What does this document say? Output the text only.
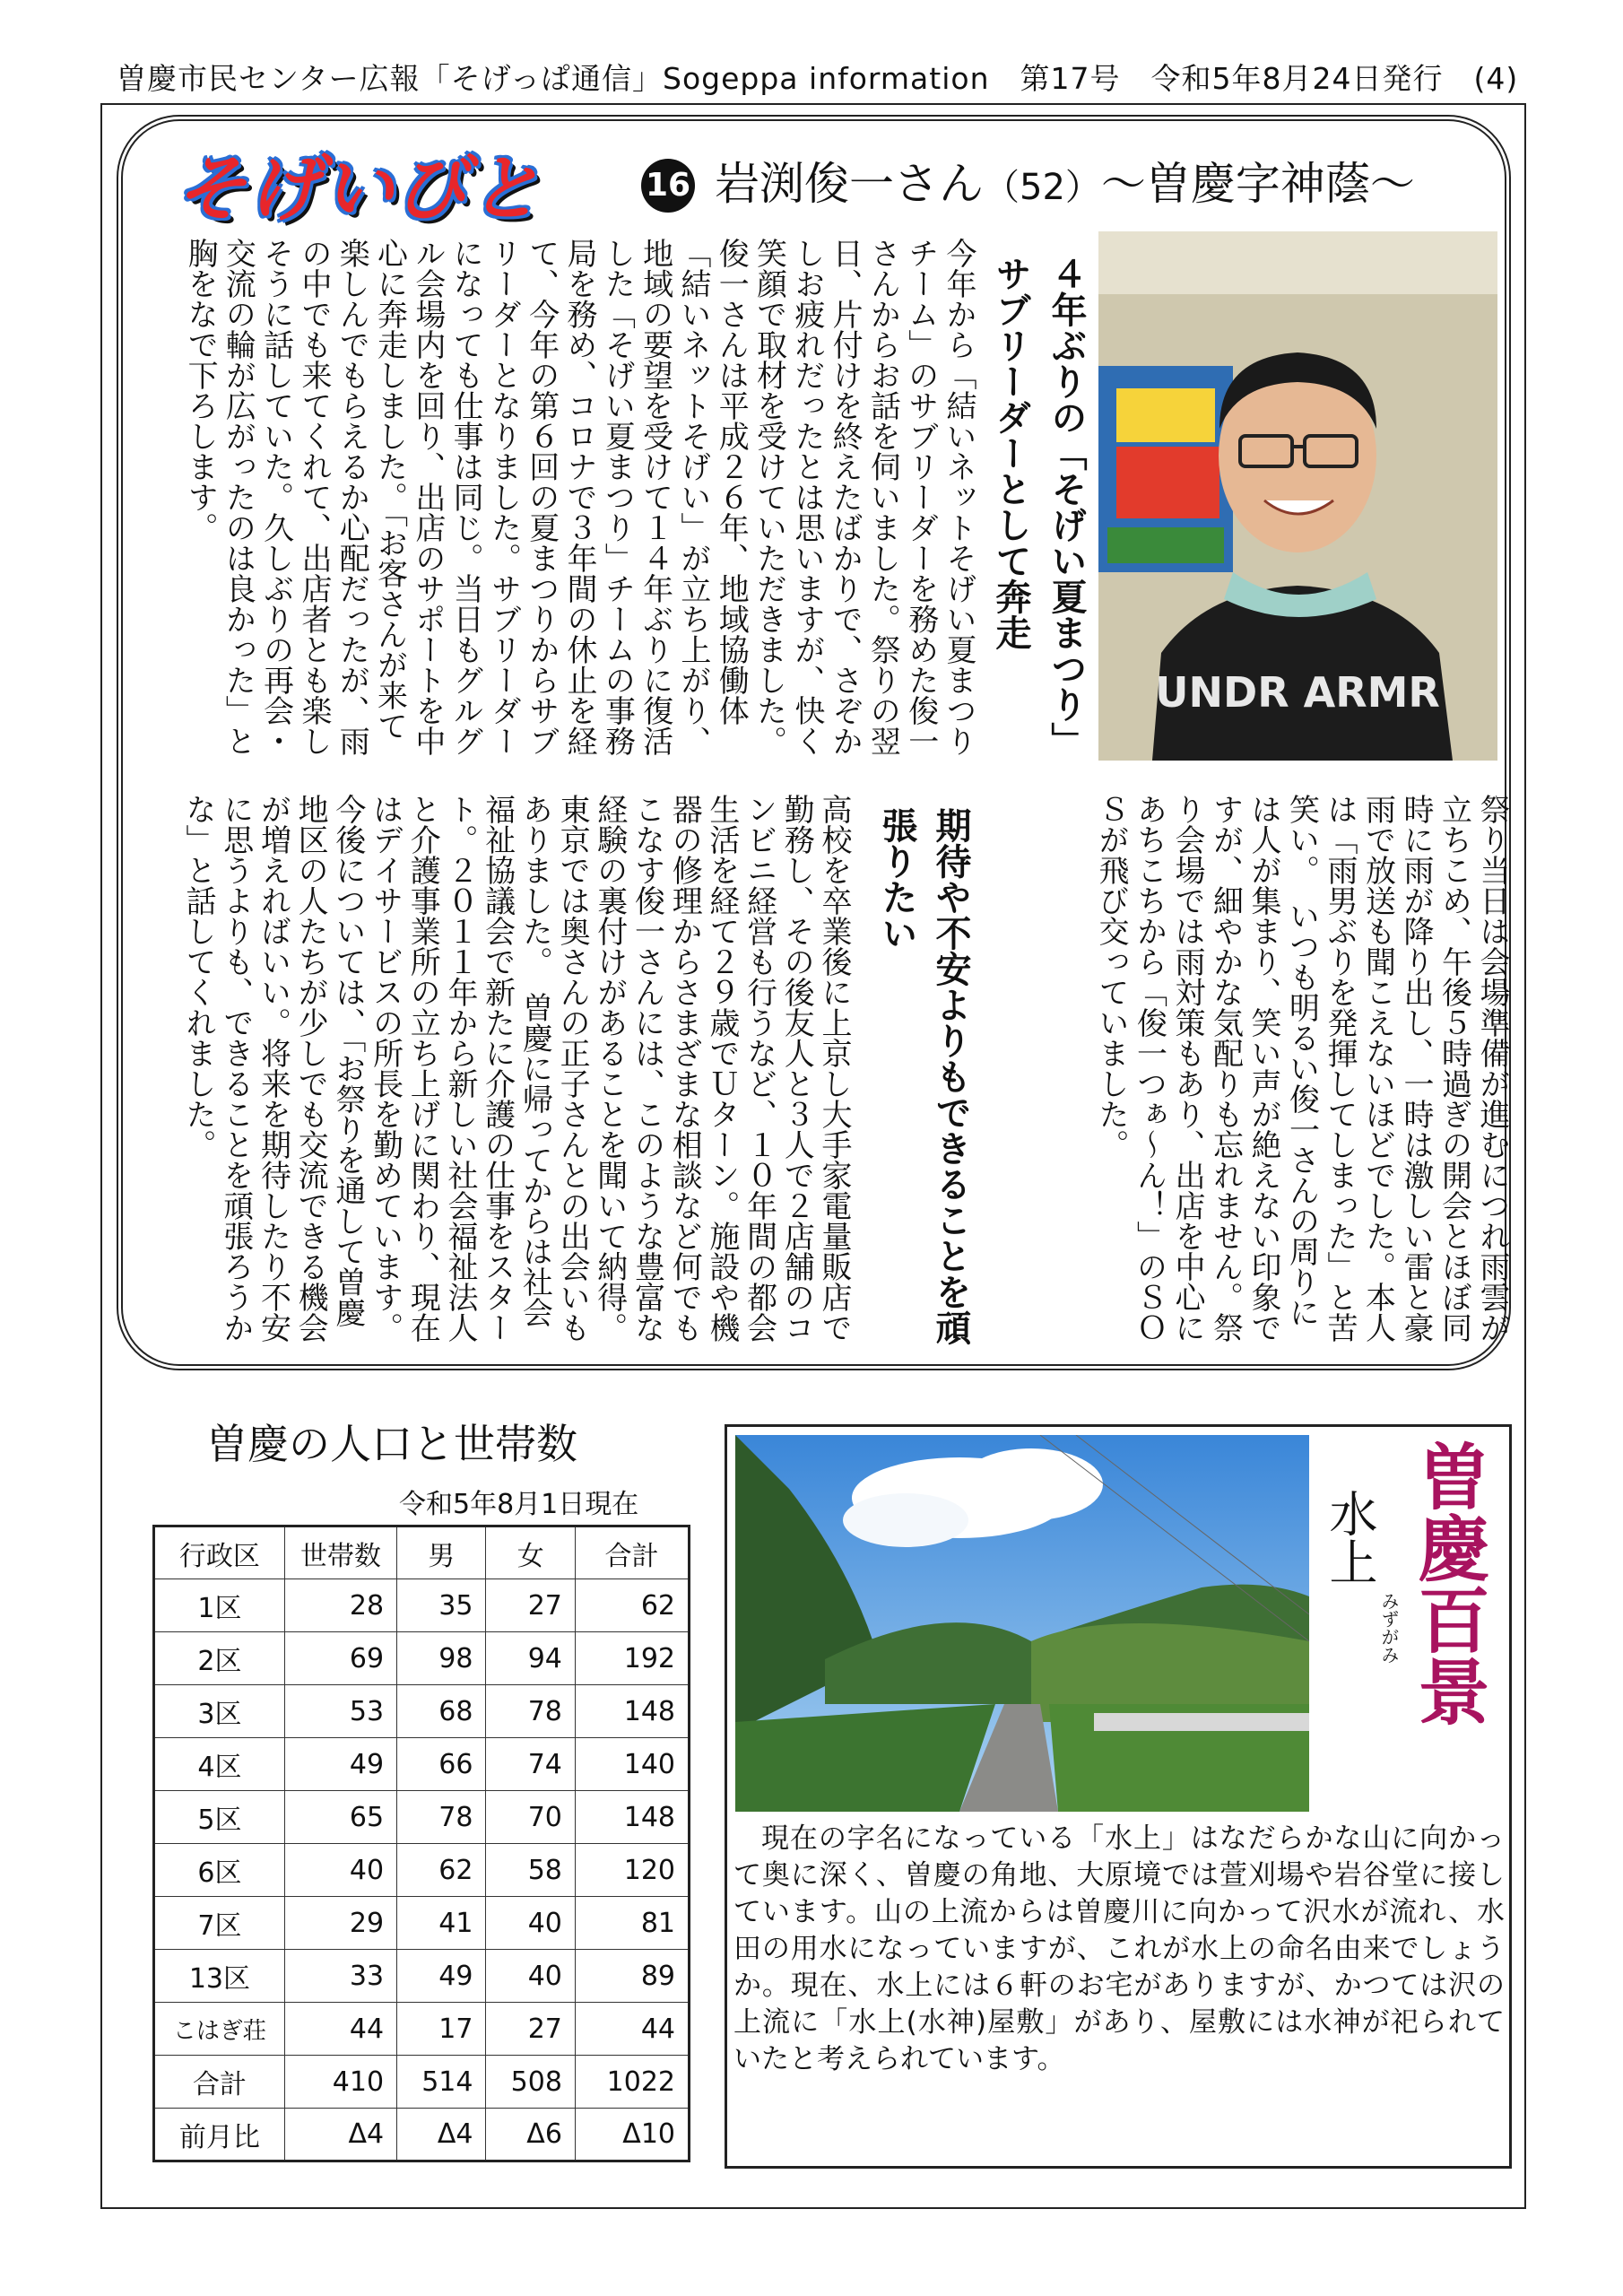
曽慶市民センター広報「そげっぱ通信」Sogeppa information　第17号　令和5年8月24日発行　(4)
そげいびと	16 岩渕俊一さん（52）～曽慶字神蔭～
UNDR ARMR
４年ぶりの「そげい夏まつり」サブリーダーとして奔走
今年から「結いネットそげい夏まつりチーム」のサブリーダーを務めた俊一さんからお話を伺いました。祭りの翌日、片付けを終えたばかりで、さぞかしお疲れだったとは思いますが、快く笑顔で取材を受けていただきました。　俊一さんは平成２６年、地域協働体「結いネットそげい」が立ち上がり、地域の要望を受けて１４年ぶりに復活した「そげい夏まつり」チームの事務局を務め、コロナで３年間の休止を経て、今年の第６回の夏まつりからサブリーダーとなりました。サブリーダーになっても仕事は同じ。当日もグルグル会場内を回り、出店のサポートを中心に奔走しました。「お客さんが来て楽しんでもらえるか心配だったが、雨の中でも来てくれて、出店者とも楽しそうに話していた。久しぶりの再会・交流の輪が広がったのは良かった」と胸をなで下ろします。
祭り当日は会場準備が進むにつれ雨雲が立ちこめ、午後５時過ぎの開会とほぼ同時に雨が降り出し、一時は激しい雷と豪雨で放送も聞こえないほどでした。本人は「雨男ぶりを発揮してしまった」と苦笑い。　いつも明るい俊一さんの周りには人が集まり、笑い声が絶えない印象ですが、細やかな気配りも忘れません。祭り会場では雨対策もあり、出店を中心にあちこちから「俊一つぁ～ん！」のＳＯＳが飛び交っていました。
期待や不安よりもできることを頑張りたい
高校を卒業後に上京し大手家電量販店で勤務し、その後友人と３人で２店舗のコンビニ経営も行うなど、１０年間の都会生活を経て２９歳でＵターン。施設や機器の修理からさまざまな相談など何でもこなす俊一さんには、このような豊富な経験の裏付けがあることを聞いて納得。東京では奥さんの正子さんとの出会いもありました。　曽慶に帰ってからは社会福祉協議会で新たに介護の仕事をスタート。２０１１年から新しい社会福祉法人と介護事業所の立ち上げに関わり、現在はデイサービスの所長を勤めています。　今後については、「お祭りを通して曽慶地区の人たちが少しでも交流できる機会が増えればいい。将来を期待したり不安に思うよりも、できることを頑張ろうかな」と話してくれました。
曽慶の人口と世帯数
令和5年8月1日現在
行政区	世帯数	男	女	合計
1区	28	35	27	62
2区	69	98	94	192
3区	53	68	78	148
4区	49	66	74	140
5区	65	78	70	148
6区	40	62	58	120
7区	29	41	40	81
13区	33	49	40	89
こはぎ荘	44	17	27	44
合計	410	514	508	1022
前月比	Δ4	Δ4	Δ6	Δ10
水上
みずがみ 曽慶百景
現在の字名になっている「水上」はなだらかな山に向かって奥に深く、曽慶の角地、大原境では萱刈場や岩谷堂に接しています。山の上流からは曽慶川に向かって沢水が流れ、水田の用水になっていますが、これが水上の命名由来でしょうか。現在、水上には６軒のお宅がありますが、かつては沢の上流に「水上(水神)屋敷」があり、屋敷には水神が祀られていたと考えられています。
